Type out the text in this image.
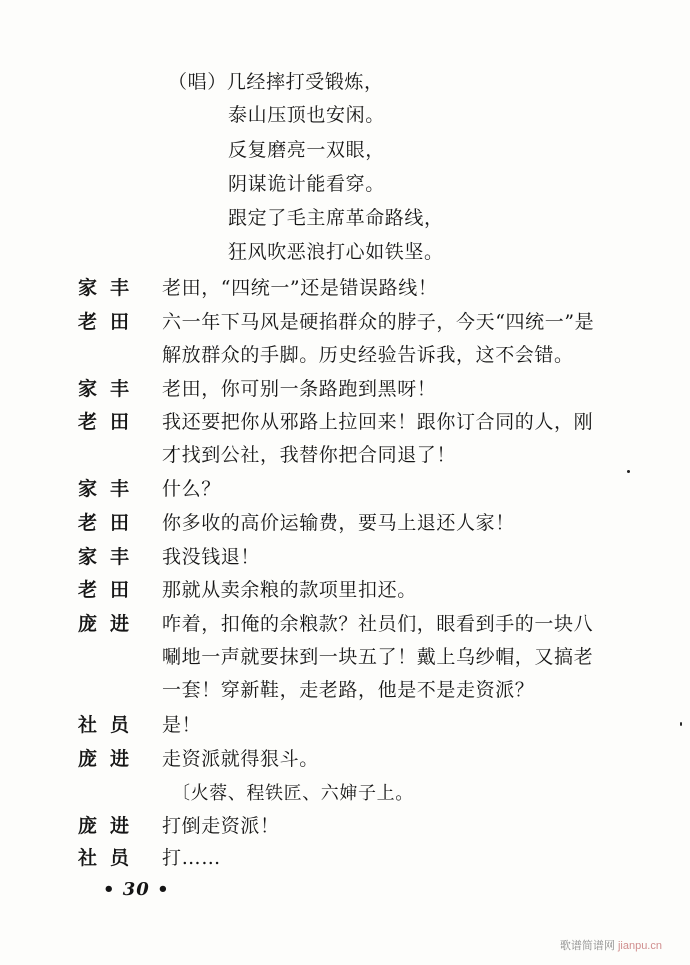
（唱）几经摔打受锻炼，
泰山压顶也安闲。
反复磨亮一双眼，
阴谋诡计能看穿。
跟定了毛主席革命路线，
狂风吹恶浪打心如铁坚。
家丰	老田，“四统一”还是错误路线！
老田	六一年下马风是硬掐群众的脖子，今天“四统一”是
解放群众的手脚。历史经验告诉我，这不会错。
家丰	老田，你可别一条路跑到黑呀！
老田	我还要把你从邪路上拉回来！跟你订合同的人，刚
才找到公社，我替你把合同退了！
家丰	什么？
老田	你多收的高价运输费，要马上退还人家！
家丰	我没钱退！
老田	那就从卖余粮的款项里扣还。
庞进	咋着，扣俺的余粮款？社员们，眼看到手的一块八
唰地一声就要抹到一块五了！戴上乌纱帽，又搞老
一套！穿新鞋，走老路，他是不是走资派？
社员	是！
庞进	走资派就得狠斗。
〔火蓉、程铁匠、六婶子上。
庞进	打倒走资派！
社员	打……
• 30 •
歌谱简谱网 jianpu.cn
